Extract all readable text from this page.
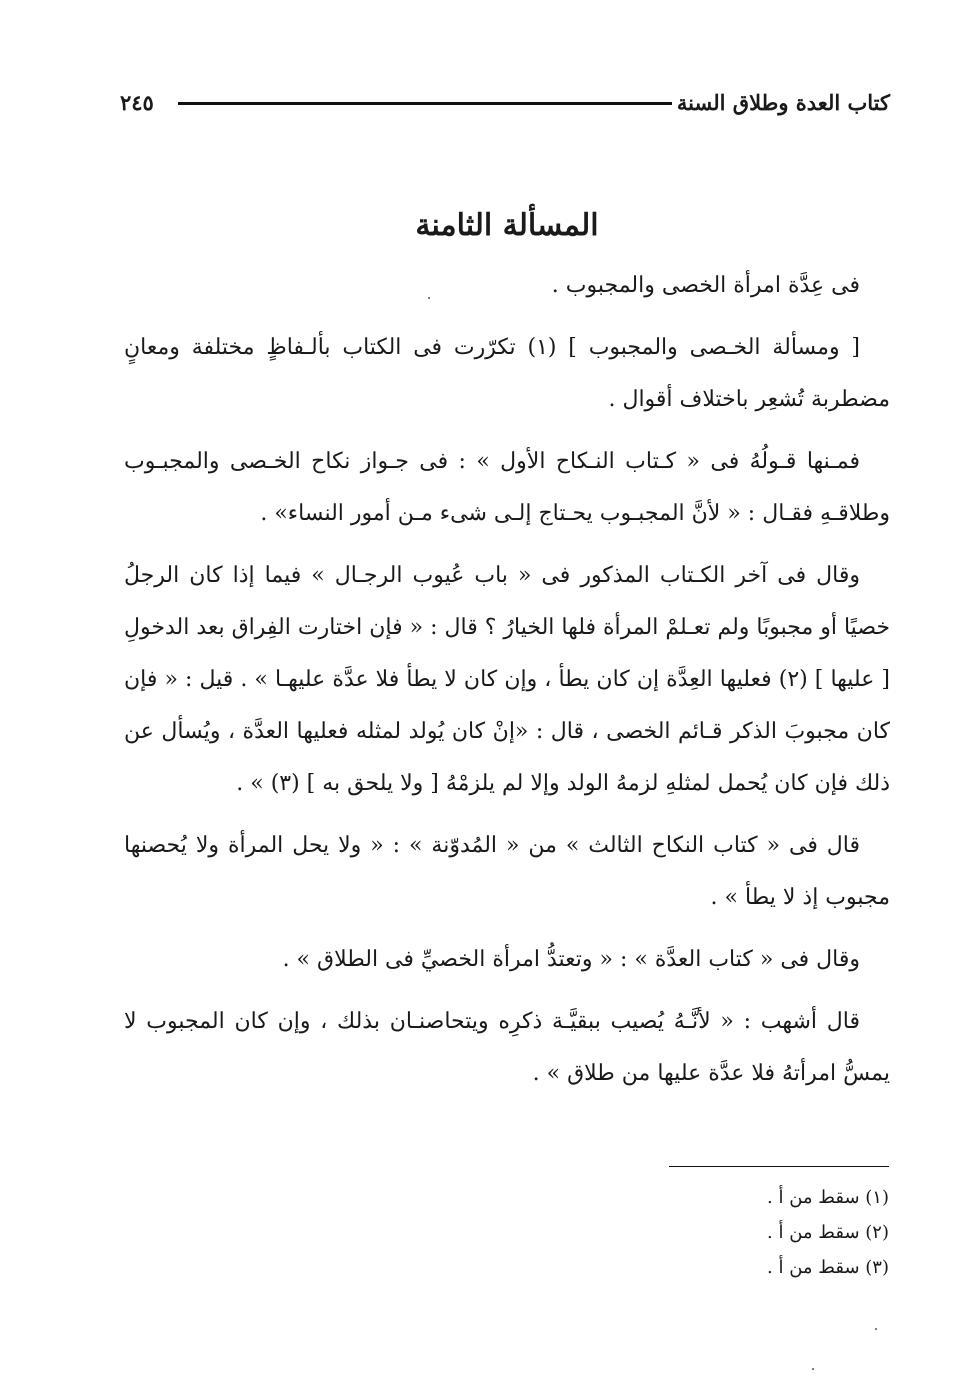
كتاب العدة وطلاق السنة
٢٤٥
المسألة الثامنة

فى عِدَّة امرأة الخصى والمجبوب .

[ ومسألة الخـصى والمجبوب ] (١) تكرّرت فى الكتاب بألـفاظٍ مختلفة ومعانٍ مضطربة تُشعِر باختلاف أقوال .

فمـنها قـولُهُ فى « كـتاب النـكاح الأول » : فى جـواز نكاح الخـصى والمجبـوب وطلاقـهِ فقـال : « لأنَّ المجبـوب يحـتاج إلـى شىء مـن أمور النساء» .

وقال فى آخر الكـتاب المذكور فى « باب عُيوب الرجـال » فيما إذا كان الرجلُ خصيًا أو مجبوبًا ولم تعـلمْ المرأة فلها الخيارُ ؟ قال : « فإن اختارت الفِراق بعد الدخولِ [ عليها ] (٢) فعليها العِدَّة إن كان يطأ ، وإن كان لا يطأ فلا عدَّة عليهـا » . قيل : « فإن كان مجبوبَ الذكر قـائم الخصى ، قال : «إنْ كان يُولد لمثله فعليها العدَّة ، ويُسأل عن ذلك فإن كان يُحمل لمثلهِ لزمهُ الولد وإلا لم يلزمْهُ [ ولا يلحق به ] (٣) » .

قال فى « كتاب النكاح الثالث » من « المُدوّنة » : « ولا يحل المرأة ولا يُحصنها مجبوب إذ لا يطأ » .

وقال فى « كتاب العدَّة » : « وتعتدُّ امرأة الخصيِّ فى الطلاق » .

قال أشهب : « لأنَّـهُ يُصيب ببقيَّـة ذكرِه ويتحاصنـان بذلك ، وإن كان المجبوب لا يمسُّ امرأتهُ فلا عدَّة عليها من طلاق » .

(١) سقط من أ .

(٢) سقط من أ .

(٣) سقط من أ .
